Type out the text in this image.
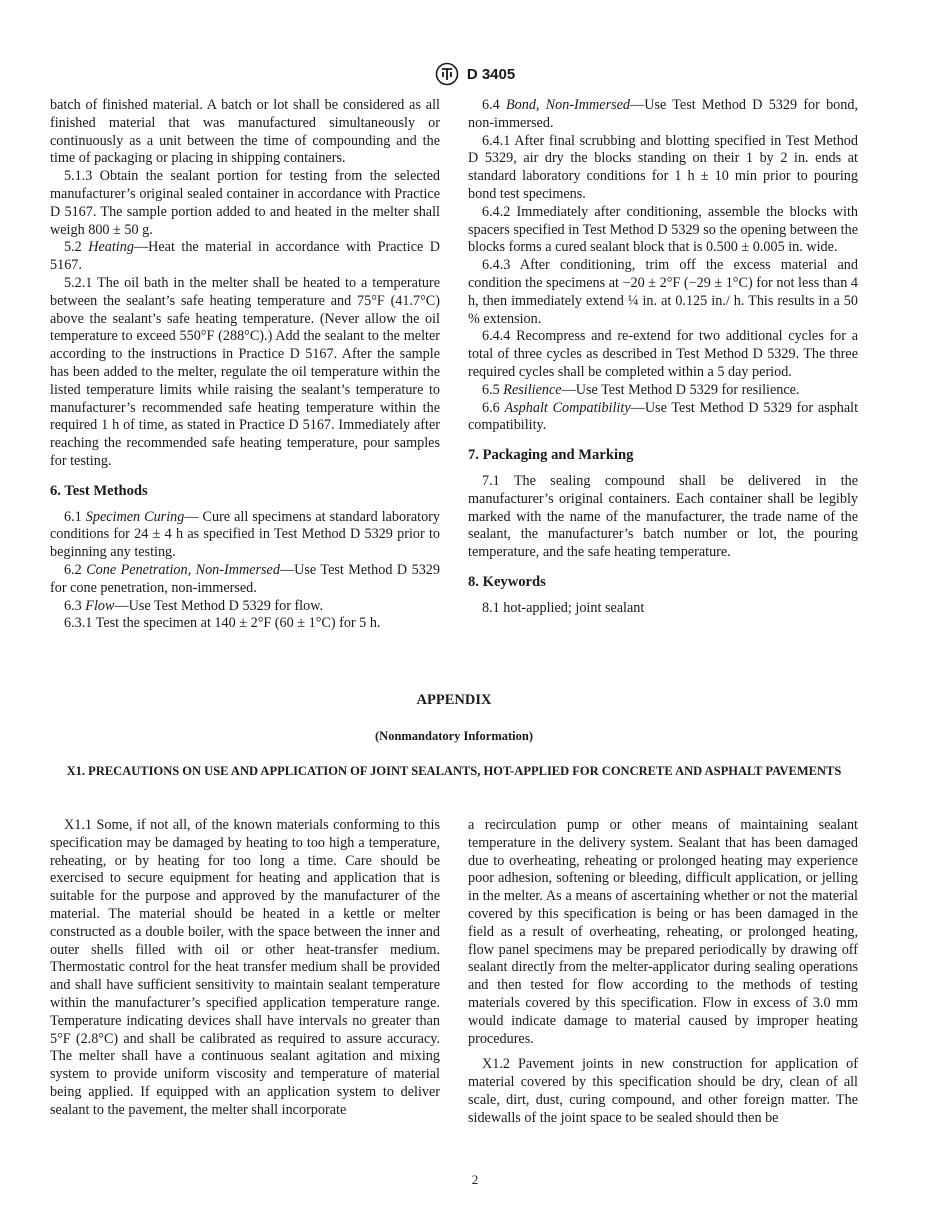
D 3405

batch of finished material. A batch or lot shall be considered as all finished material that was manufactured simultaneously or continuously as a unit between the time of compounding and the time of packaging or placing in shipping containers.

5.1.3 Obtain the sealant portion for testing from the selected manufacturer’s original sealed container in accordance with Practice D 5167. The sample portion added to and heated in the melter shall weigh 800 ± 50 g.

5.2 Heating—Heat the material in accordance with Practice D 5167.

5.2.1 The oil bath in the melter shall be heated to a temperature between the sealant’s safe heating temperature and 75°F (41.7°C) above the sealant’s safe heating temperature. (Never allow the oil temperature to exceed 550°F (288°C).) Add the sealant to the melter according to the instructions in Practice D 5167. After the sample has been added to the melter, regulate the oil temperature within the listed temperature limits while raising the sealant’s temperature to manufacturer’s recommended safe heating temperature within the required 1 h of time, as stated in Practice D 5167. Immediately after reaching the recommended safe heating temperature, pour samples for testing.

6. Test Methods

6.1 Specimen Curing— Cure all specimens at standard laboratory conditions for 24 ± 4 h as specified in Test Method D 5329 prior to beginning any testing.

6.2 Cone Penetration, Non-Immersed—Use Test Method D 5329 for cone penetration, non-immersed.

6.3 Flow—Use Test Method D 5329 for flow.

6.3.1 Test the specimen at 140 ± 2°F (60 ± 1°C) for 5 h.

6.4 Bond, Non-Immersed—Use Test Method D 5329 for bond, non-immersed.

6.4.1 After final scrubbing and blotting specified in Test Method D 5329, air dry the blocks standing on their 1 by 2 in. ends at standard laboratory conditions for 1 h ± 10 min prior to pouring bond test specimens.

6.4.2 Immediately after conditioning, assemble the blocks with spacers specified in Test Method D 5329 so the opening between the blocks forms a cured sealant block that is 0.500 ± 0.005 in. wide.

6.4.3 After conditioning, trim off the excess material and condition the specimens at −20 ± 2°F (−29 ± 1°C) for not less than 4 h, then immediately extend ¼ in. at 0.125 in./ h. This results in a 50 % extension.

6.4.4 Recompress and re-extend for two additional cycles for a total of three cycles as described in Test Method D 5329. The three required cycles shall be completed within a 5 day period.

6.5 Resilience—Use Test Method D 5329 for resilience.

6.6 Asphalt Compatibility—Use Test Method D 5329 for asphalt compatibility.

7. Packaging and Marking

7.1 The sealing compound shall be delivered in the manufacturer’s original containers. Each container shall be legibly marked with the name of the manufacturer, the trade name of the sealant, the manufacturer’s batch number or lot, the pouring temperature, and the safe heating temperature.

8. Keywords

8.1 hot-applied; joint sealant

APPENDIX
(Nonmandatory Information)
X1. PRECAUTIONS ON USE AND APPLICATION OF JOINT SEALANTS, HOT-APPLIED FOR CONCRETE AND ASPHALT PAVEMENTS

X1.1 Some, if not all, of the known materials conforming to this specification may be damaged by heating to too high a temperature, reheating, or by heating for too long a time. Care should be exercised to secure equipment for heating and application that is suitable for the purpose and approved by the manufacturer of the material. The material should be heated in a kettle or melter constructed as a double boiler, with the space between the inner and outer shells filled with oil or other heat-transfer medium. Thermostatic control for the heat transfer medium shall be provided and shall have sufficient sensitivity to maintain sealant temperature within the manufacturer’s specified application temperature range. Temperature indicating devices shall have intervals no greater than 5°F (2.8°C) and shall be calibrated as required to assure accuracy. The melter shall have a continuous sealant agitation and mixing system to provide uniform viscosity and temperature of material being applied. If equipped with an application system to deliver sealant to the pavement, the melter shall incorporate

a recirculation pump or other means of maintaining sealant temperature in the delivery system. Sealant that has been damaged due to overheating, reheating or prolonged heating may experience poor adhesion, softening or bleeding, difficult application, or jelling in the melter. As a means of ascertaining whether or not the material covered by this specification is being or has been damaged in the field as a result of overheating, reheating, or prolonged heating, flow panel specimens may be prepared periodically by drawing off sealant directly from the melter-applicator during sealing operations and then tested for flow according to the methods of testing materials covered by this specification. Flow in excess of 3.0 mm would indicate damage to material caused by improper heating procedures.

X1.2 Pavement joints in new construction for application of material covered by this specification should be dry, clean of all scale, dirt, dust, curing compound, and other foreign matter. The sidewalls of the joint space to be sealed should then be

2
